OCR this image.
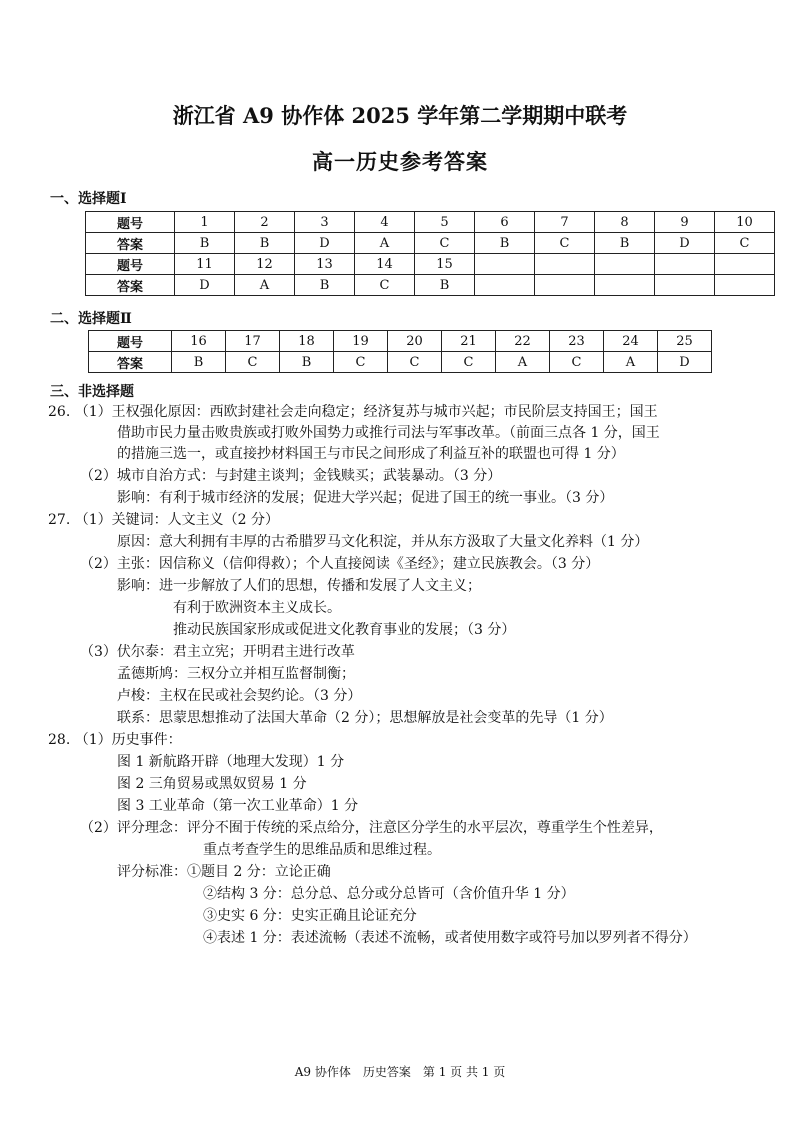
浙江省 A9 协作体 2025 学年第二学期期中联考
高一历史参考答案
一、选择题Ⅰ
题号	1	2	3	4	5	6	7	8	9	10
答案	B	B	D	A	C	B	C	B	D	C
题号	11	12	13	14	15					
答案	D	A	B	C	B					
二、选择题Ⅱ
题号	16	17	18	19	20	21	22	23	24	25
答案	B	C	B	C	C	C	A	C	A	D
三、非选择题
26. （1）王权强化原因：西欧封建社会走向稳定；经济复苏与城市兴起；市民阶层支持国王；国王
借助市民力量击败贵族或打败外国势力或推行司法与军事改革。（前面三点各 1 分，国王
的措施三选一，或直接抄材料国王与市民之间形成了利益互补的联盟也可得 1 分）
（2）城市自治方式：与封建主谈判；金钱赎买；武装暴动。（3 分）
影响：有利于城市经济的发展；促进大学兴起；促进了国王的统一事业。（3 分）
27. （1）关键词：人文主义（2 分）
原因：意大利拥有丰厚的古希腊罗马文化积淀，并从东方汲取了大量文化养料（1 分）
（2）主张：因信称义（信仰得救）；个人直接阅读《圣经》；建立民族教会。（3 分）
影响：进一步解放了人们的思想，传播和发展了人文主义；
有利于欧洲资本主义成长。
推动民族国家形成或促进文化教育事业的发展；（3 分）
（3）伏尔泰：君主立宪；开明君主进行改革
孟德斯鸠：三权分立并相互监督制衡；
卢梭：主权在民或社会契约论。（3 分）
联系：思蒙思想推动了法国大革命（2 分）；思想解放是社会变革的先导（1 分）
28. （1）历史事件：
图 1 新航路开辟（地理大发现）1 分
图 2 三角贸易或黑奴贸易 1 分
图 3 工业革命（第一次工业革命）1 分
（2）评分理念：评分不囿于传统的采点给分，注意区分学生的水平层次，尊重学生个性差异，
重点考查学生的思维品质和思维过程。
评分标准：①题目 2 分：立论正确
②结构 3 分：总分总、总分或分总皆可（含价值升华 1 分）
③史实 6 分：史实正确且论证充分
④表述 1 分：表述流畅（表述不流畅，或者使用数字或符号加以罗列者不得分）
A9 协作体　历史答案　第 1 页 共 1 页
